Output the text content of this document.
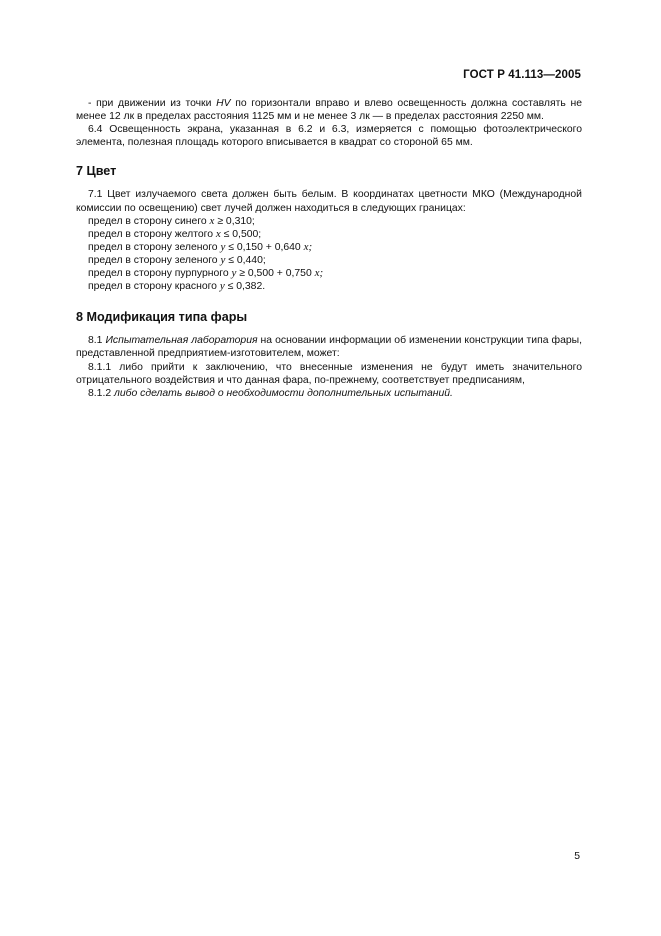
ГОСТ Р 41.113—2005

- при движении из точки HV по горизонтали вправо и влево освещенность должна составлять не менее 12 лк в пределах расстояния 1125 мм и не менее 3 лк — в пределах расстояния 2250 мм.

6.4 Освещенность экрана, указанная в 6.2 и 6.3, измеряется с помощью фотоэлектрического элемента, полезная площадь которого вписывается в квадрат со стороной 65 мм.

7 Цвет

7.1 Цвет излучаемого света должен быть белым. В координатах цветности МКО (Международной комиссии по освещению) свет лучей должен находиться в следующих границах:

предел в сторону синего x ≥ 0,310;
предел в сторону желтого x ≤ 0,500;
предел в сторону зеленого y ≤ 0,150 + 0,640 x;
предел в сторону зеленого y ≤ 0,440;
предел в сторону пурпурного y ≥ 0,500 + 0,750 x;
предел в сторону красного y ≤ 0,382.
8 Модификация типа фары

8.1 Испытательная лаборатория на основании информации об изменении конструкции типа фары, представленной предприятием-изготовителем, может:

8.1.1 либо прийти к заключению, что внесенные изменения не будут иметь значительного отрицательного воздействия и что данная фара, по-прежнему, соответствует предписаниям,

8.1.2 либо сделать вывод о необходимости дополнительных испытаний.

5
